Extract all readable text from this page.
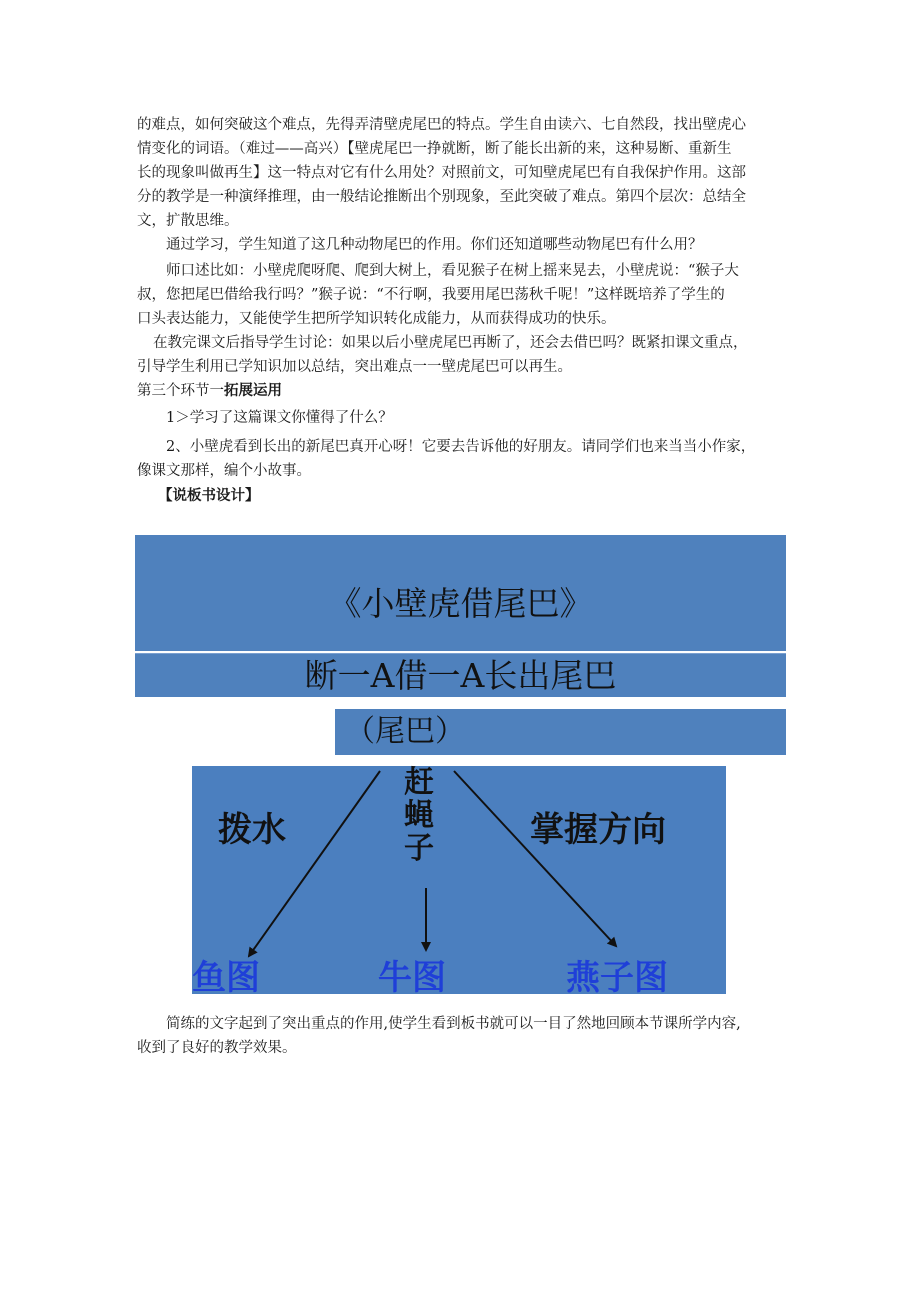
的难点，如何突破这个难点，先得弄清壁虎尾巴的特点。学生自由读六、七自然段，找出壁虎心

情变化的词语。（难过——高兴）【壁虎尾巴一挣就断，断了能长出新的来，这种易断、重新生

长的现象叫做再生】这一特点对它有什么用处？对照前文，可知壁虎尾巴有自我保护作用。这部

分的教学是一种演绎推理，由一般结论推断出个别现象，至此突破了难点。第四个层次：总结全

文，扩散思维。

通过学习，学生知道了这几种动物尾巴的作用。你们还知道哪些动物尾巴有什么用？

师口述比如：小壁虎爬呀爬、爬到大树上，看见猴子在树上摇来晃去，小壁虎说：“猴子大

叔，您把尾巴借给我行吗？”猴子说：“不行啊，我要用尾巴荡秋千呢！”这样既培养了学生的

口头表达能力，又能使学生把所学知识转化成能力，从而获得成功的快乐。

在教完课文后指导学生讨论：如果以后小壁虎尾巴再断了，还会去借巴吗？既紧扣课文重点，

引导学生利用已学知识加以总结，突出难点一一壁虎尾巴可以再生。

第三个环节一拓展运用

1＞学习了这篇课文你懂得了什么？

2、小壁虎看到长出的新尾巴真开心呀！它要去告诉他的好朋友。请同学们也来当当小作家，

像课文那样，编个小故事。

【说板书设计】

《小壁虎借尾巴》
断一A借一A长出尾巴
（尾巴）
拨水
赶蝇子	掌握方向
鱼图	牛图	燕子图

简练的文字起到了突出重点的作用,使学生看到板书就可以一目了然地回顾本节课所学内容,

收到了良好的教学效果。
